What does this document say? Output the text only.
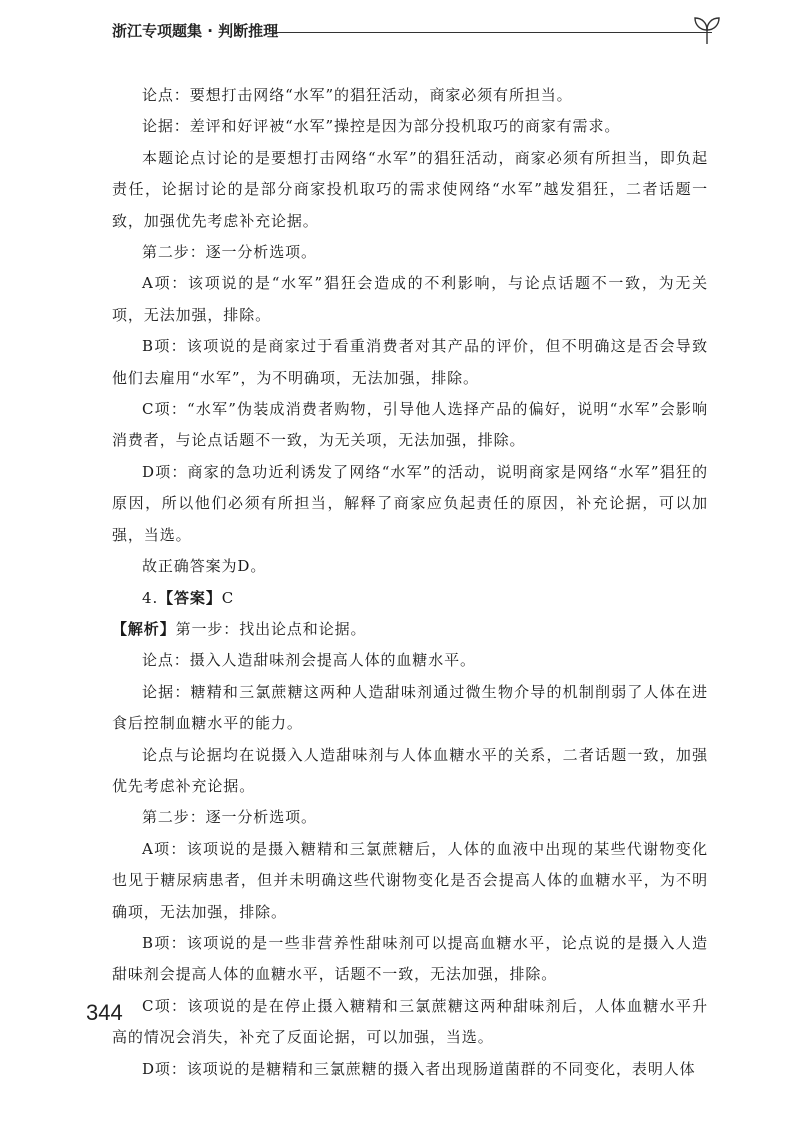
浙江专项题集 · 判断推理

论点：要想打击网络“水军”的猖狂活动，商家必须有所担当。

论据：差评和好评被“水军”操控是因为部分投机取巧的商家有需求。

本题论点讨论的是要想打击网络“水军”的猖狂活动，商家必须有所担当，即负起责任，论据讨论的是部分商家投机取巧的需求使网络“水军”越发猖狂，二者话题一致，加强优先考虑补充论据。

第二步：逐一分析选项。

A项：该项说的是“水军”猖狂会造成的不利影响，与论点话题不一致，为无关项，无法加强，排除。

B项：该项说的是商家过于看重消费者对其产品的评价，但不明确这是否会导致他们去雇用“水军”，为不明确项，无法加强，排除。

C项：“水军”伪装成消费者购物，引导他人选择产品的偏好，说明“水军”会影响消费者，与论点话题不一致，为无关项，无法加强，排除。

D项：商家的急功近利诱发了网络“水军”的活动，说明商家是网络“水军”猖狂的原因，所以他们必须有所担当，解释了商家应负起责任的原因，补充论据，可以加强，当选。

故正确答案为D。

4.【答案】C

【解析】第一步：找出论点和论据。

论点：摄入人造甜味剂会提高人体的血糖水平。

论据：糖精和三氯蔗糖这两种人造甜味剂通过微生物介导的机制削弱了人体在进食后控制血糖水平的能力。

论点与论据均在说摄入人造甜味剂与人体血糖水平的关系，二者话题一致，加强优先考虑补充论据。

第二步：逐一分析选项。

A项：该项说的是摄入糖精和三氯蔗糖后，人体的血液中出现的某些代谢物变化也见于糖尿病患者，但并未明确这些代谢物变化是否会提高人体的血糖水平，为不明确项，无法加强，排除。

B项：该项说的是一些非营养性甜味剂可以提高血糖水平，论点说的是摄入人造甜味剂会提高人体的血糖水平，话题不一致，无法加强，排除。

C项：该项说的是在停止摄入糖精和三氯蔗糖这两种甜味剂后，人体血糖水平升高的情况会消失，补充了反面论据，可以加强，当选。

D项：该项说的是糖精和三氯蔗糖的摄入者出现肠道菌群的不同变化，表明人体

344
